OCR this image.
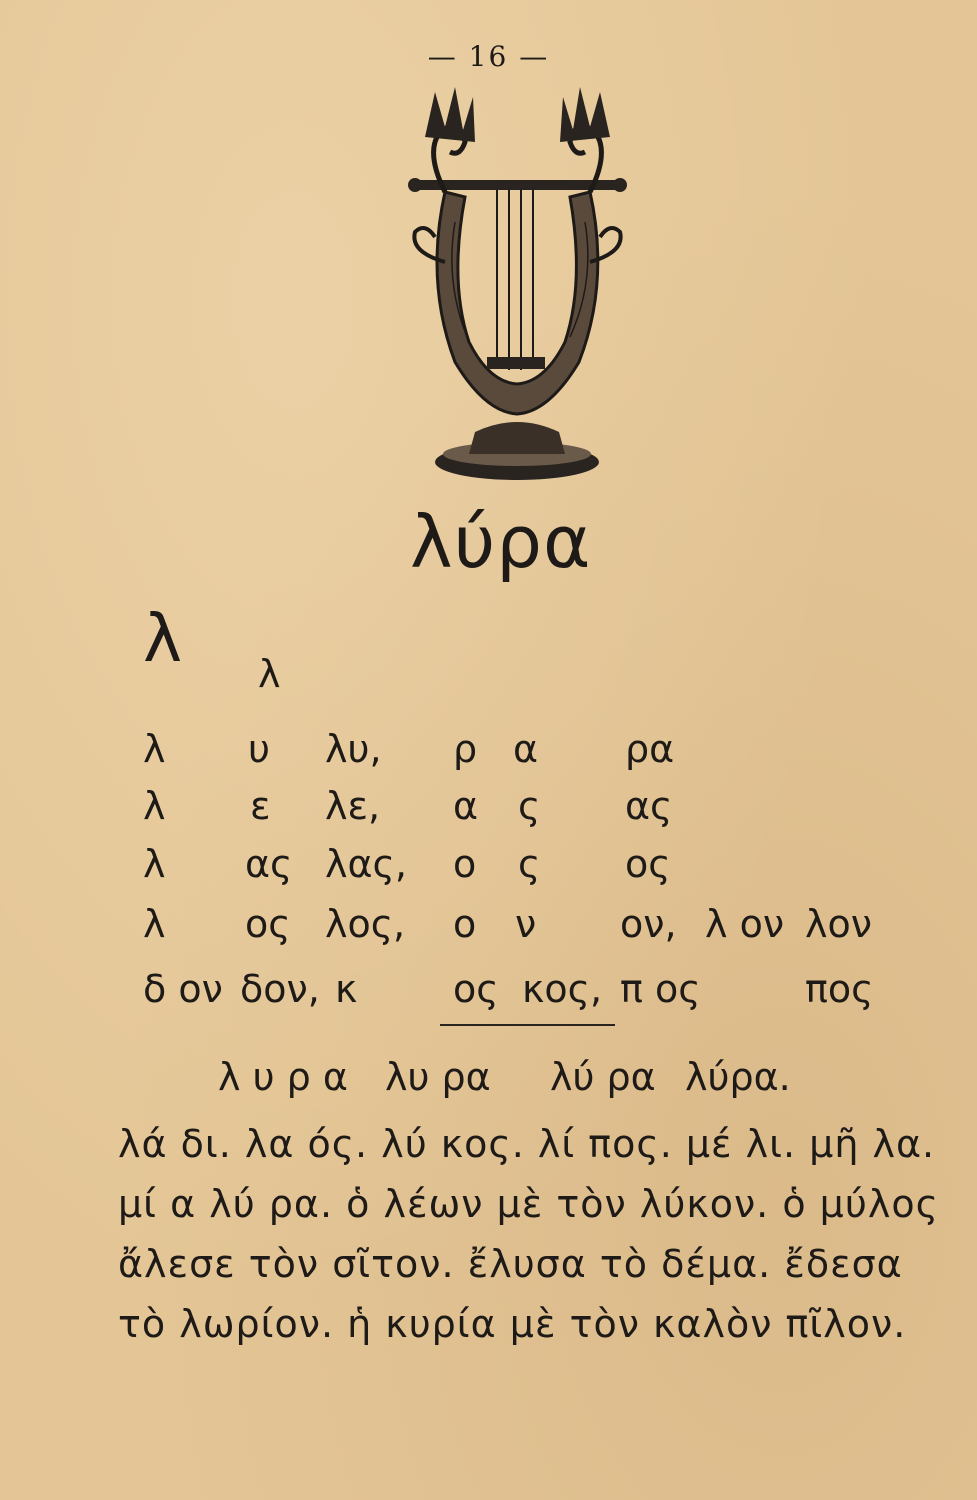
— 16 —
λύρα
λ λ
λ υ λυ, ρ α ρα
λ ε λε, α ς ας
λ ας λας, ο ς ος
λ ος λος, ο ν ον, λ ον λον
δ ον δον, κ	ος κος, π ος	πος
λ υ ρ α λυ ρα λύ ρα λύρα.
λά δι. λα ός. λύ κος. λί πος. μέ λι. μῆ λα.
μί α λύ ρα. ὁ λέων μὲ τὸν λύκον. ὁ μύλος
ἄλεσε τὸν σῖτον. ἔλυσα τὸ δέμα. ἔδεσα
τὸ λωρίον. ἡ κυρία μὲ τὸν καλὸν πῖλον.
